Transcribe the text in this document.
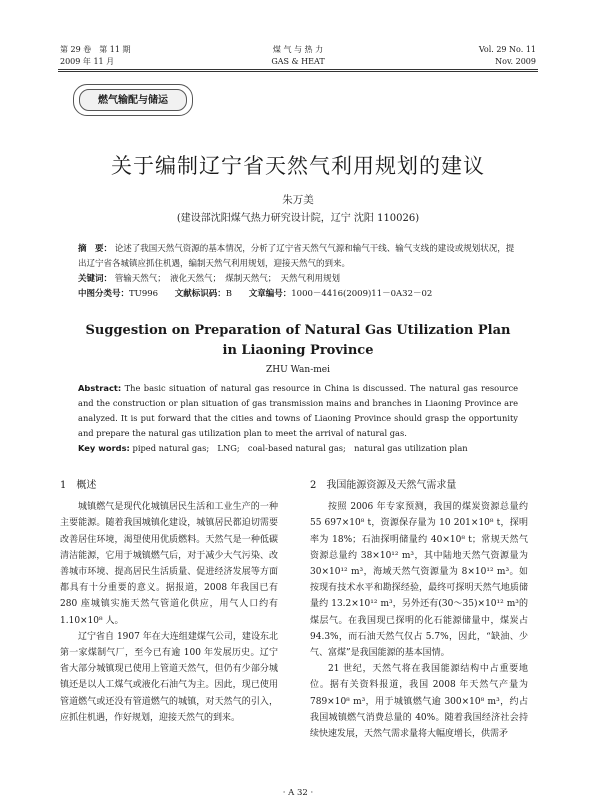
第 29 卷　第 11 期
2009 年 11 月
煤 气 与 热 力
GAS & HEAT
Vol. 29 No. 11
Nov. 2009
燃气输配与储运
关于编制辽宁省天然气利用规划的建议
朱万美
(建设部沈阳煤气热力研究设计院，辽宁 沈阳 110026)
摘　要： 论述了我国天然气资源的基本情况，分析了辽宁省天然气气源和输气干线、输气支线的建设或规划状况，提出辽宁省各城镇应抓住机遇，编制天然气利用规划，迎接天然气的到来。
关键词： 管输天然气；　液化天然气；　煤制天然气；　天然气利用规划
中图分类号：TU996 文献标识码：B 文章编号：1000－4416(2009)11－0A32－02
Suggestion on Preparation of Natural Gas Utilization Plan
in Liaoning Province
ZHU Wan-mei
Abstract: The basic situation of natural gas resource in China is discussed. The natural gas resource and the construction or plan situation of gas transmission mains and branches in Liaoning Province are analyzed. It is put forward that the cities and towns of Liaoning Province should grasp the opportunity and prepare the natural gas utilization plan to meet the arrival of natural gas.
Key words: piped natural gas;　LNG;　coal-based natural gas;　natural gas utilization plan
1　概述

城镇燃气是现代化城镇居民生活和工业生产的一种主要能源。随着我国城镇化建设，城镇居民都迫切需要改善居住环境，渴望使用优质燃料。天然气是一种低碳清洁能源，它用于城镇燃气后，对于减少大气污染、改善城市环境、提高居民生活质量、促进经济发展等方面都具有十分重要的意义。据报道，2008 年我国已有 280 座城镇实施天然气管道化供应，用气人口约有 1.10×10⁸ 人。

辽宁省自 1907 年在大连组建煤气公司，建设东北第一家煤制气厂，至今已有逾 100 年发展历史。辽宁省大部分城镇现已使用上管道天然气，但仍有少部分城镇还是以人工煤气或液化石油气为主。因此，现已使用管道燃气或还没有管道燃气的城镇，对天然气的引入，应抓住机遇，作好规划，迎接天然气的到来。

2　我国能源资源及天然气需求量

按照 2006 年专家预测，我国的煤炭资源总量约 55 697×10⁸ t，资源保存量为 10 201×10⁸ t，探明率为 18%；石油探明储量约 40×10⁸ t；常规天然气资源总量约 38×10¹² m³，其中陆地天然气资源量为 30×10¹² m³，海域天然气资源量为 8×10¹² m³。如按现有技术水平和勘探经验，最终可探明天然气地质储量约 13.2×10¹² m³，另外还有(30～35)×10¹² m³的煤层气。在我国现已探明的化石能源储量中，煤炭占 94.3%，而石油天然气仅占 5.7%，因此，“缺油、少气、富煤”是我国能源的基本国情。

21 世纪，天然气将在我国能源结构中占重要地位。据有关资料报道，我国 2008 年天然气产量为 789×10⁸ m³，用于城镇燃气逾 300×10⁸ m³，约占我国城镇燃气消费总量的 40%。随着我国经济社会持续快速发展，天然气需求量将大幅度增长，供需矛

· A 32 ·
